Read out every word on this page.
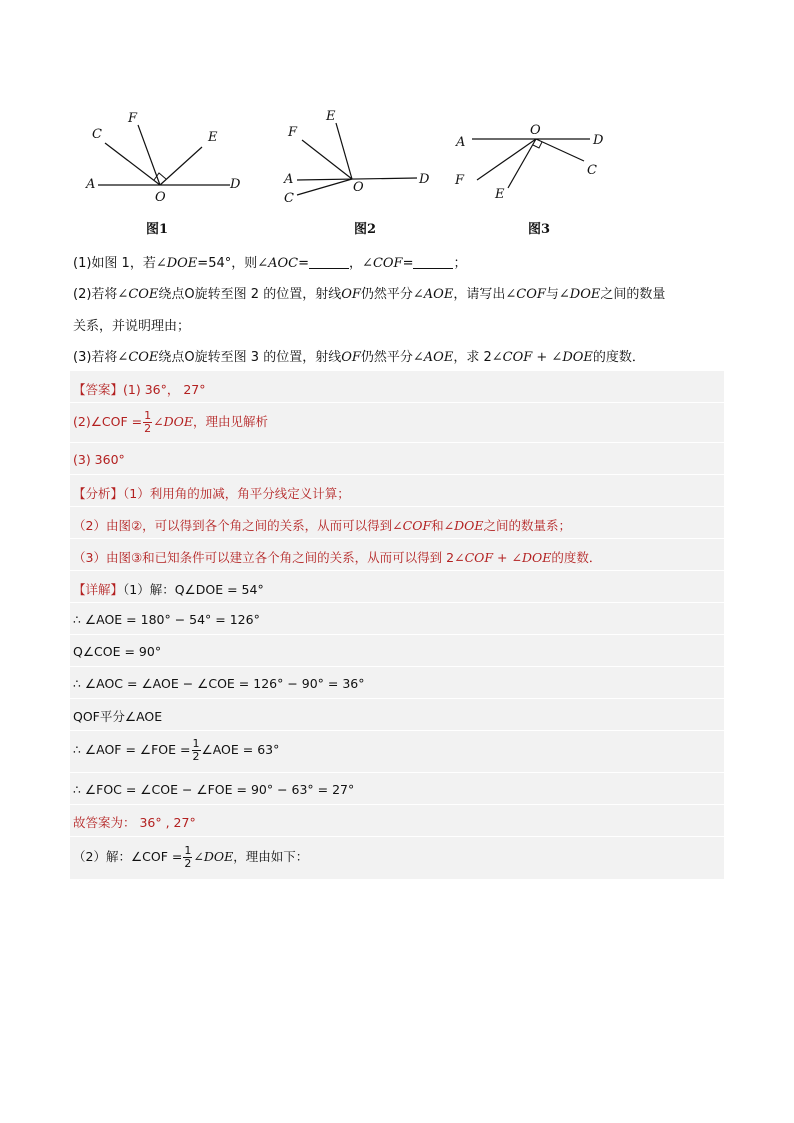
A
C
F
E
O
D
图1
A
C
F
E
O
D
图2
A
F
E
O
D
C
图3
(1)如图 1，若∠DOE=54°，则∠AOC=	，∠COF=	；
(2)若将∠COE绕点O旋转至图 2 的位置，射线OF仍然平分∠AOE，请写出∠COF与∠DOE之间的数量
关系，并说明理由；
(3)若将∠COE绕点O旋转至图 3 的位置，射线OF仍然平分∠AOE，求 2∠COF + ∠DOE的度数．
【答案】(1) 36°， 27°
(2)∠COF = $\frac{1}{2}$ ∠DOE，理由见解析
(3) 360°
【分析】（1）利用角的加减，角平分线定义计算；
（2）由图②，可以得到各个角之间的关系，从而可以得到∠COF和∠DOE之间的数量系；
（3）由图③和已知条件可以建立各个角之间的关系，从而可以得到 2∠COF + ∠DOE的度数．
【详解】（1）解：Q∠DOE = 54°
∴ ∠AOE = 180° − 54° = 126°
Q∠COE = 90°
∴ ∠AOC = ∠AOE − ∠COE = 126° − 90° = 36°
QOF平分∠AOE
∴ ∠AOF = ∠FOE = $\frac{1}{2}$ ∠AOE = 63°
∴ ∠FOC = ∠COE − ∠FOE = 90° − 63° = 27°
故答案为： 36° , 27°
（2）解：∠COF = $\frac{1}{2}$ ∠DOE，理由如下：
